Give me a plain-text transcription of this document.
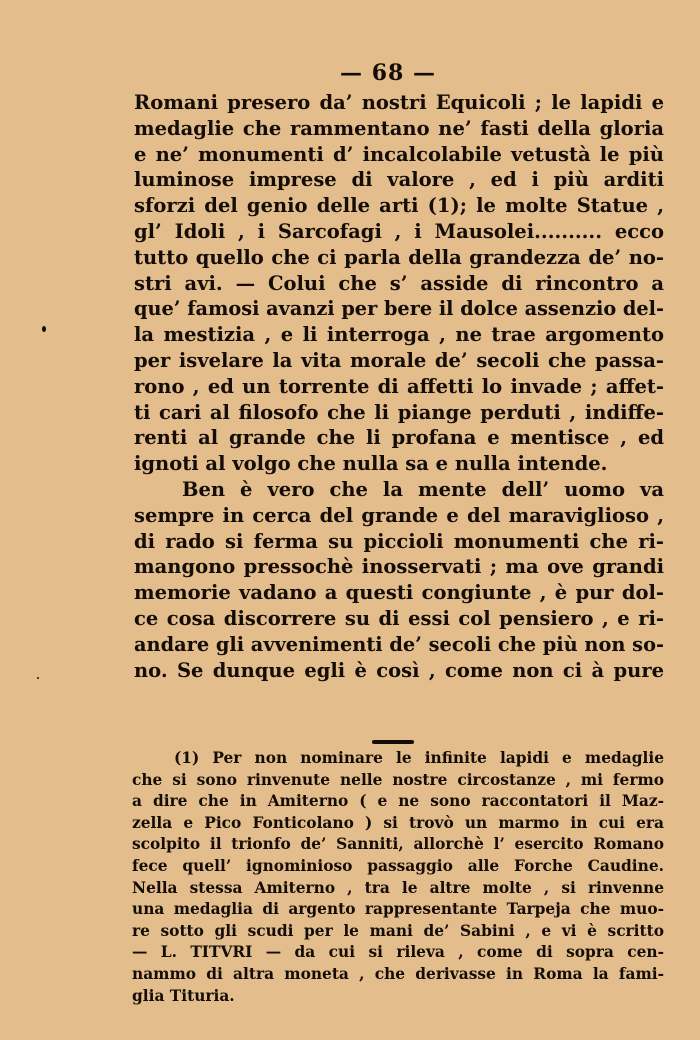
— 68 —
Romani presero da’ nostri Equicoli ; le lapidi e
medaglie che rammentano ne’ fasti della gloria
e ne’ monumenti d’ incalcolabile vetustà le più
luminose imprese di valore , ed i più arditi
sforzi del genio delle arti (1); le molte Statue ,
gl’ Idoli , i Sarcofagi , i Mausolei.......... ecco
tutto quello che ci parla della grandezza de’ no-
stri avi. — Colui che s’ asside di rincontro a
que’ famosi avanzi per bere il dolce assenzio del-
la mestizia , e li interroga , ne trae argomento
per isvelare la vita morale de’ secoli che passa-
rono , ed un torrente di affetti lo invade ; affet-
ti cari al filosofo che li piange perduti , indiffe-
renti al grande che li profana e mentisce , ed
ignoti al volgo che nulla sa e nulla intende.
Ben è vero che la mente dell’ uomo va
sempre in cerca del grande e del maraviglioso ,
di rado si ferma su piccioli monumenti che ri-
mangono pressochè inosservati ; ma ove grandi
memorie vadano a questi congiunte , è pur dol-
ce cosa discorrere su di essi col pensiero , e ri-
andare gli avvenimenti de’ secoli che più non so-
no. Se dunque egli è così , come non ci à pure
(1) Per non nominare le infinite lapidi e medaglie
che si sono rinvenute nelle nostre circostanze , mi fermo
a dire che in Amiterno ( e ne sono raccontatori il Maz-
zella e Pico Fonticolano ) si trovò un marmo in cui era
scolpito il trionfo de’ Sanniti, allorchè l’ esercito Romano
fece quell’ ignominioso passaggio alle Forche Caudine.
Nella stessa Amiterno , tra le altre molte , si rinvenne
una medaglia di argento rappresentante Tarpeja che muo-
re sotto gli scudi per le mani de’ Sabini , e vi è scritto
— L. TITVRI — da cui si rileva , come di sopra cen-
nammo di altra moneta , che derivasse in Roma la fami-
glia Tituria.
